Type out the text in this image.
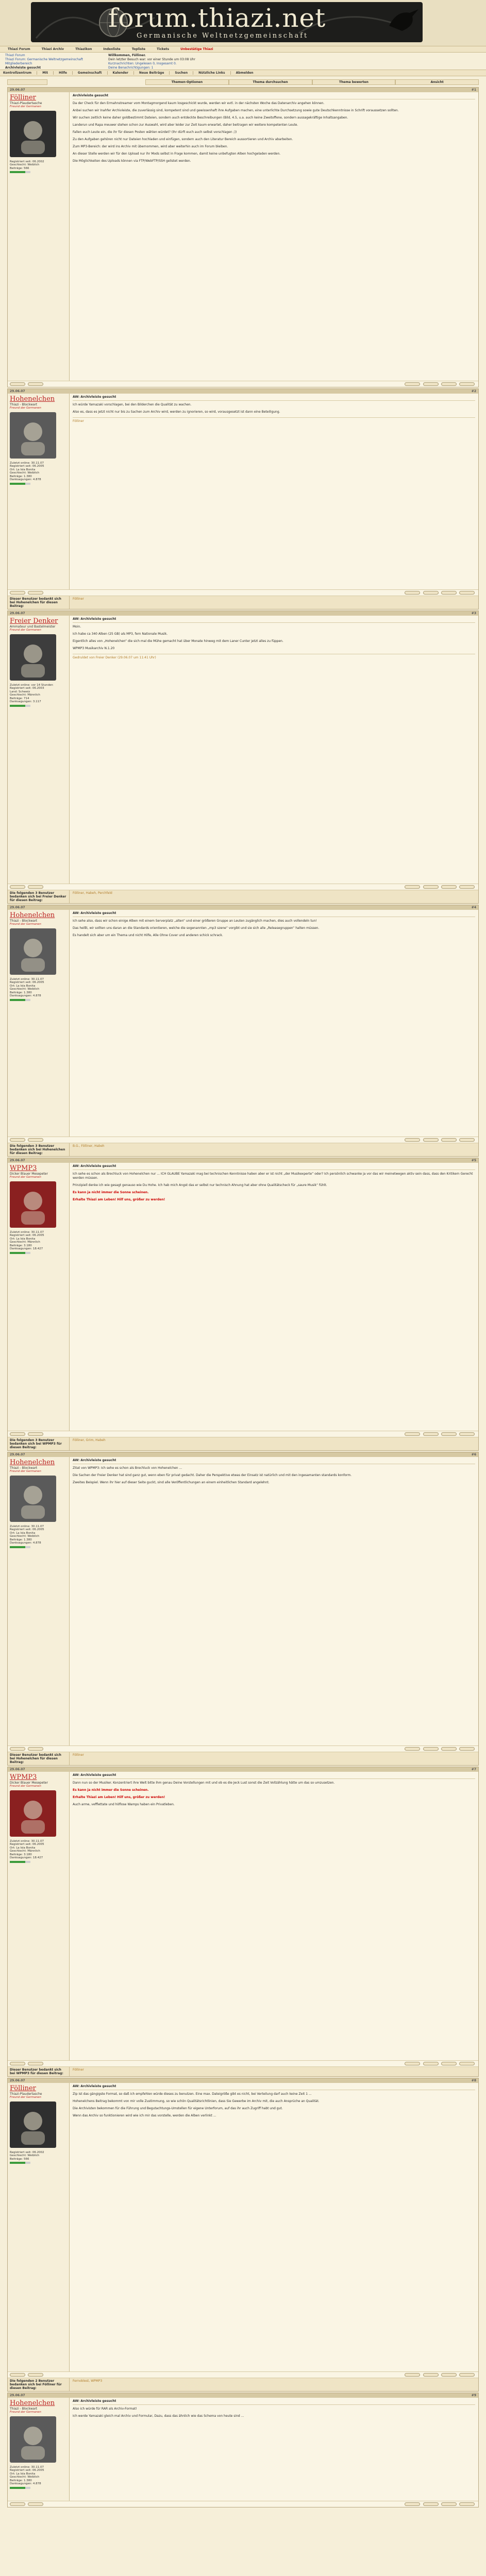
forum.thiazi.net
Germanische Weltnetzgemeinschaft
Thiazi Forum	Thiazi Archiv	Thiazikon	Indexliste	Topliste	Tickets	Unbestätige Thiazi
Thiazi Forum
Thiazi Forum: Germanische Weltnetzgemeinschaft
Mitgliederbereich
Archivleiste gesucht
Willkommen, Fölliner.
Dein letzter Besuch war: vor einer Stunde um 03:08 Uhr
Kurznachrichten: Ungelesen 0, Insgesamt 0.
Deine Benachrichtigungen: 1
Kontrollzentrum	Mit	Hilfe	Gemeinschaft	Kalender	Neue Beiträge	Suchen	Nützliche Links	Abmelden
Themen-Optionen	Thema durchsuchen	Thema bewerten	Ansicht
29.06.07	#1
Fölliner
Thiazi-Plaudertasche
Freund der Germanen
Registriert seit: 06.2002
Geschlecht: Weiblich
Beiträge: 566
Archivleiste gesucht

Da der Check für den Ermahnstreamer vom Montagmorgend kaum losgeschickt wurde, werden wir evtl. in der nächsten Woche das Datenarchiv angehen können.

Anbei suchen wir Inahfer Archivleiste, die zuverlässig sind, kompetent sind und gewissenhaft ihre Aufgaben machen, eine unterlichte Durchsetzung sowie gute Deutschkenntnisse in Schrift voraussetzen sollten.

Wir suchen zeitlich keine daher goldbestimmt Dateien, sondern auch entdeckte Beschreibungen (Bild, 4.5, u.a. auch keine Zweitoffene, sondern aussagekräftige Inhaltsangaben.

Landerun und Rapa meuwer stehen schon zur Auswahl, wird aber leider zur Zeit kaum erwartet, daher beitragen wir weitere kompetenten Leute.

Fallen euch Leute ein, die ihr für diesen Posten wählen würdet? (Ihr dürft euch auch selbst vorschlagen ;))

Zu den Aufgaben gehören nicht nur Dateien hochladen und einfügen, sondern auch den Literatur Bereich aussortieren und Archiv abarbeiten.

Zum MP3-Bereich: der wird ins Archiv mit übernommen, wird aber weiterhin auch im Forum bleiben.

An dieser Stelle werden wir für den Upload nur ihr Mods selbst in Frage kommen, damit keine unbefugten Alben hochgeladen werden.

Die Möglichkeiten des Uploads können via FTP/WebFTP/SSH gelistet werden.

29.06.07	#2
Hohenelchen
Thiazi - Blockwart
Freund der Germanen
Zuletzt online: 30.11.07
Registriert seit: 06.2005
Ort: La Isla Bonita
Geschlecht: Weiblich
Beiträge: 1.380
Danksagungen: 4.878
AW: Archivleiste gesucht

Ich würde Yamazaki vorschlagen, bei den Bilderchen die Qualität zu wachen.

Also es, dass es jetzt nicht nur bis zu Sachen zum Archiv wird, werden zu ignorieren, so wird, vorausgesetzt ist dann eine Beteiligung.

Fölliner

Dieser Benutzer bedankt sich bei Hohenelchen für diesen Beitrag:
Fölliner
29.06.07	#3
Freier Denker
Ammateur und Bastelmeister
Freund der Germanen
Zuletzt online: vor 14 Stunden
Registriert seit: 06.2003
Land: Schweiz
Geschlecht: Männlich
Beiträge: 714
Danksagungen: 3.117
AW: Archivleiste gesucht

Moin.

Ich habe ca 340 Alben (25 GB) als MP3, fern Nationale Musik.

Eigentlich alles von „Hohenelchen“ die sich mal die Mühe gemacht hat über Monate hinweg mit dem Laner Cunter jetzt alles zu füppen.

WPMP3 Musikarchiv N.1.20

Gedruldet von Freier Denker (29.06.07 um 11:41 Uhr)

Die folgenden 3 Benutzer bedanken sich bei Freier Denker für diesen Beitrag:
Fölliner, Habeh, Perchfeld
29.06.07	#4
Hohenelchen
Thiazi - Blockwart
Freund der Germanen
Zuletzt online: 30.11.07
Registriert seit: 06.2005
Ort: La Isla Bonita
Geschlecht: Weiblich
Beiträge: 1.380
Danksagungen: 4.878
AW: Archivleiste gesucht

Ich sehe also, dass wir schon einige Alben mit einem Serverplatz „alten“ und einer größeren Gruppe an Leuten zugänglich machen, dies auch vollendeln tun!

Das heißt, wir sollten uns daran an die Standards orientieren, welche die sogenannten „mp3 szene“ vorgibt und sie sich alle „Releasegruppen“ halten müssen.

Es handelt sich aber um ein Thema und nicht Hilfe, Alle Ohne Cover und anderen schick schrack.

Die folgenden 3 Benutzer bedanken sich bei Hohenelchen für diesen Beitrag:
B.G., Fölliner, Habeh
29.06.07	#5
WPMP3
Dicker Blauer Mesepeter
Freund der Germanen
Zuletzt online: 30.11.07
Registriert seit: 06.2005
Ort: La Isla Bonita
Geschlecht: Männlich
Beiträge: 3.180
Danksagungen: 18.427
AW: Archivleiste gesucht

Ich sehe es schon als Brechluck von Hohenelchen nur ... ICH GLAUBE Yamazaki mag bei technischen Kenntnisse haben aber er ist nicht „der Musikexperte“ oder? Ich persönlich schwanke ja vor das wir meinetwegen aktiv sein dass, dass den Kritikern Gerecht werden müssen.

Prinzipiell denke ich wie gesagt genauso wie Du Hohe. Ich hab mich Angst das er selbst nur technisch Ahnung hat aber ohne Qualitätscheck für „saure Musik“ fühlt.

Es kann ja nicht immer die Sonne scheinen.

Erhalte Thiazi am Leben! Hilf uns, größer zu werden!

Die folgenden 3 Benutzer bedanken sich bei WPMP3 für diesen Beitrag:
Fölliner, Grim, Habeh
29.06.07	#6
Hohenelchen
Thiazi - Blockwart
Freund der Germanen
Zuletzt online: 30.11.07
Registriert seit: 06.2005
Ort: La Isla Bonita
Geschlecht: Weiblich
Beiträge: 1.380
Danksagungen: 4.878
AW: Archivleiste gesucht

Zitat von WPMP3: Ich sehe es schon als Brechluck von Hohenelchen ...

Die Sachen der Freier Denker hat sind ganz gut, wenn eben für privat gedacht. Daher die Perspektive etwas der Einsatz ist natürlich und mit den ingesamanten standards konform.

Zweites Beispiel. Wenn ihr hier auf dieser Seite guckt, sind alle Veröffentlichungen an einem einheitlichen Standard angelehnt.

Dieser Benutzer bedankt sich bei Hohenelchen für diesen Beitrag:
Fölliner
29.06.07	#7
WPMP3
Dicker Blauer Mesepeter
Freund der Germanen
Zuletzt online: 30.11.07
Registriert seit: 06.2005
Ort: La Isla Bonita
Geschlecht: Männlich
Beiträge: 3.180
Danksagungen: 18.427
AW: Archivleiste gesucht

Dann nun so der Musiker. Konzentriert ihre Welt bitte ihm genau Deine Vorstellungen mit und ob es die Jeck Lust sonst die Zeit Vollzählung hätte um das so umzusetzen.

Es kann ja nicht immer die Sonne scheinen.

Erhalte Thiazi am Leben! Hilf uns, größer zu werden!

Auch arme, vefflettate und höflose Wamps haben ein Privatleben.

Dieser Benutzer bedankt sich bei WPMP3 für diesen Beitrag:
Fölliner
29.06.07	#8
Fölliner
Thiazi-Plaudertasche
Freund der Germanen
Registriert seit: 06.2002
Geschlecht: Weiblich
Beiträge: 566
AW: Archivleiste gesucht

Zip ist das gängigste Format, so daß ich empfehlen würde dieses zu benutzen. Eine max. Dateigröße gibt es nicht, bei Verteilung darf auch keine Zeit 1 ...

Hohenelchens Beitrag bekommt von mir volle Zustimmung, so wie schön Qualitätsrichtlinien, dass Sie Gewerbe im Archiv mit, die auch Ansprüche an Qualität.

Die Archivisten bekommen für die Führung und Begutachtungs-Umstellen für eigene Unterforum, auf das ihr auch Zugriff habt und gut.

Wenn das Archiv so funktionieren wird wie ich mir das vorstelle, werden die Alben verlinkt ...

Die folgenden 2 Benutzer bedanken sich bei Fölliner für diesen Beitrag:
Fernoblest, WPMP3
29.06.07	#9
Hohenelchen
Thiazi - Blockwart
Freund der Germanen
Zuletzt online: 30.11.07
Registriert seit: 06.2005
Ort: La Isla Bonita
Geschlecht: Weiblich
Beiträge: 1.380
Danksagungen: 4.878
AW: Archivleiste gesucht

Also ich würde für RAR als Archiv-Format!

Ich werde Yamazaki gleich mal Archiv und Formular, Dazu, dass das ähnlich wie das Schema von heute sind ...
